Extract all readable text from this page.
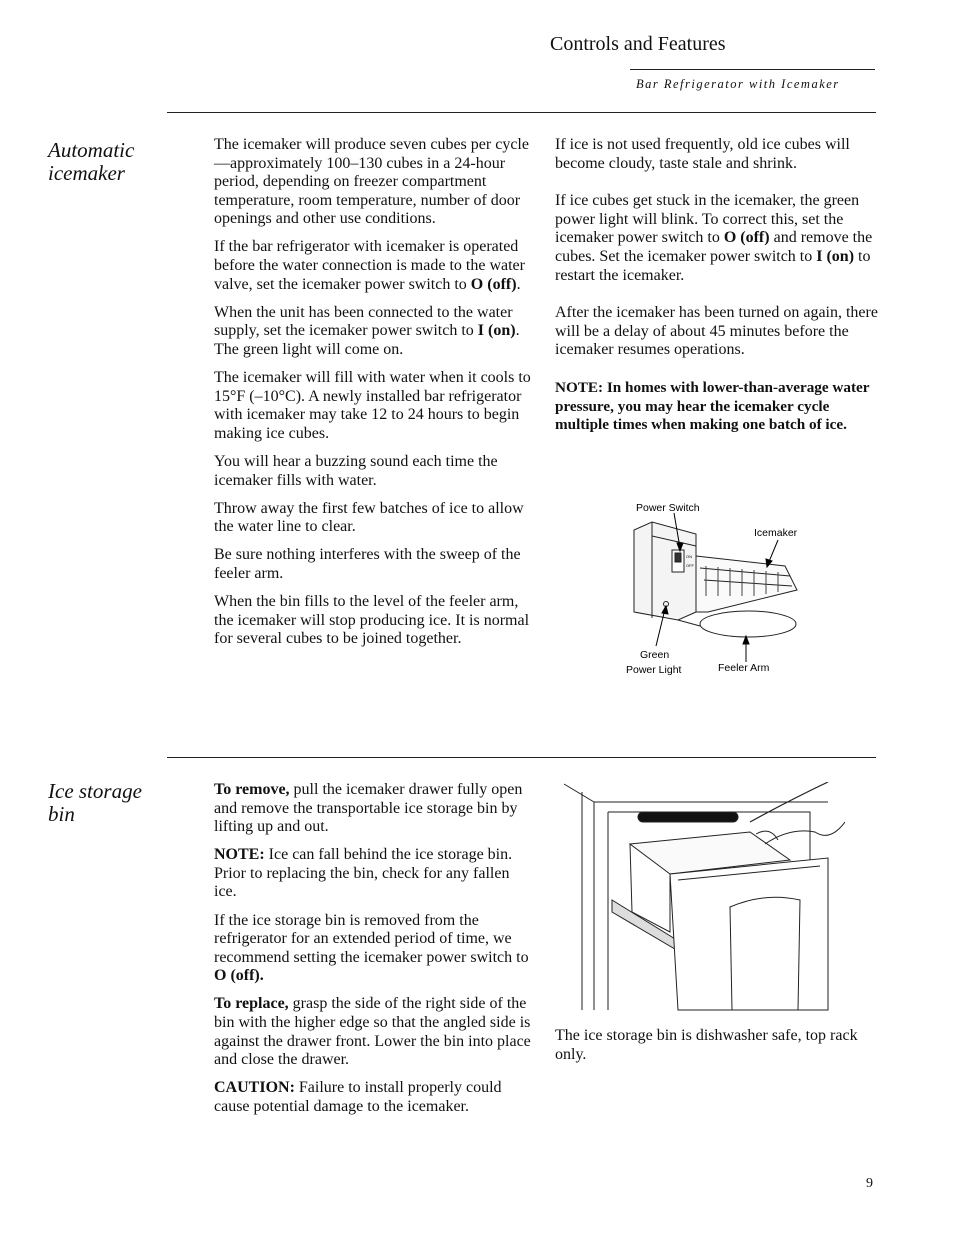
Controls and Features
Bar Refrigerator with Icemaker
Automatic
icemaker

The icemaker will produce seven cubes per cycle—approximately 100–130 cubes in a 24-hour period, depending on freezer compartment temperature, room temperature, number of door openings and other use conditions.

If the bar refrigerator with icemaker is operated before the water connection is made to the water valve, set the icemaker power switch to O (off).

When the unit has been connected to the water supply, set the icemaker power switch to I (on). The green light will come on.

The icemaker will fill with water when it cools to 15°F (–10°C). A newly installed bar refrigerator with icemaker may take 12 to 24 hours to begin making ice cubes.

You will hear a buzzing sound each time the icemaker fills with water.

Throw away the first few batches of ice to allow the water line to clear.

Be sure nothing interferes with the sweep of the feeler arm.

When the bin fills to the level of the feeler arm, the icemaker will stop producing ice. It is normal for several cubes to be joined together.

If ice is not used frequently, old ice cubes will become cloudy, taste stale and shrink.

If ice cubes get stuck in the icemaker, the green power light will blink. To correct this, set the icemaker power switch to O (off) and remove the cubes. Set the icemaker power switch to I (on) to restart the icemaker.

After the icemaker has been turned on again, there will be a delay of about 45 minutes before the icemaker resumes operations.

NOTE: In homes with lower-than-average water pressure, you may hear the icemaker cycle multiple times when making one batch of ice.

Power Switch
Icemaker
Green
Power Light	Feeler Arm
ON
OFF
Ice storage
bin

To remove, pull the icemaker drawer fully open and remove the transportable ice storage bin by lifting up and out.

NOTE: Ice can fall behind the ice storage bin. Prior to replacing the bin, check for any fallen ice.

If the ice storage bin is removed from the refrigerator for an extended period of time, we recommend setting the icemaker power switch to O (off).

To replace, grasp the side of the right side of the bin with the higher edge so that the angled side is against the drawer front. Lower the bin into place and close the drawer.

CAUTION: Failure to install properly could cause potential damage to the icemaker.

The ice storage bin is dishwasher safe, top rack only.
9
